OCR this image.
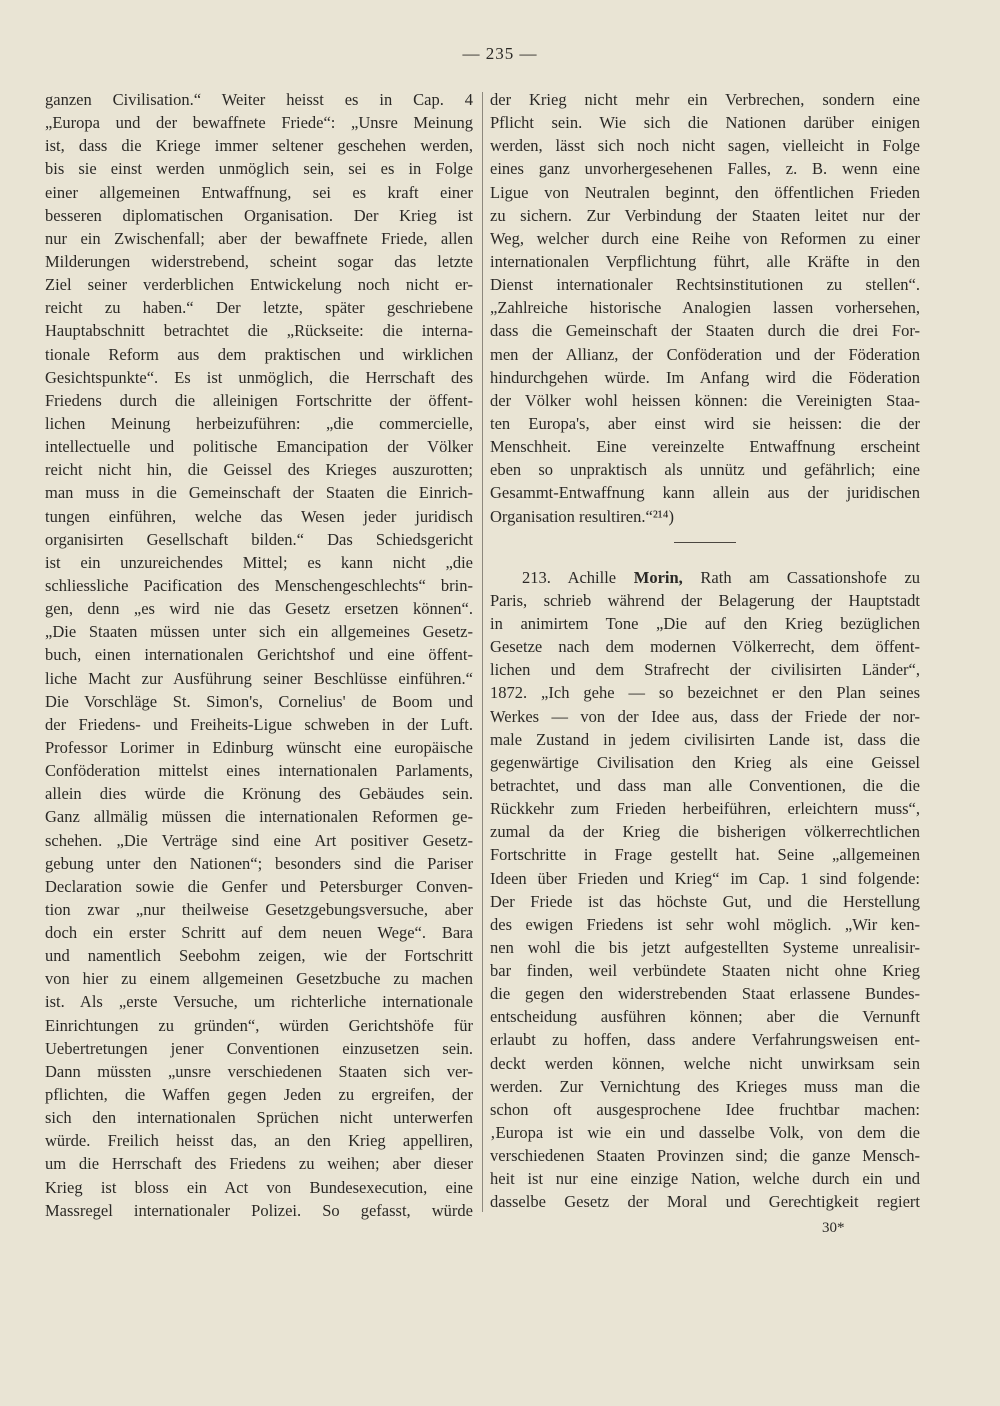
— 235 —
ganzen Civilisation.“ Weiter heisst es in Cap. 4
„Europa und der bewaffnete Friede“: „Unsre Meinung
ist, dass die Kriege immer seltener geschehen werden,
bis sie einst werden unmöglich sein, sei es in Folge
einer allgemeinen Entwaffnung, sei es kraft einer
besseren diplomatischen Organisation. Der Krieg ist
nur ein Zwischenfall; aber der bewaffnete Friede, allen
Milderungen widerstrebend, scheint sogar das letzte
Ziel seiner verderblichen Entwickelung noch nicht er-
reicht zu haben.“ Der letzte, später geschriebene
Hauptabschnitt betrachtet die „Rückseite: die interna-
tionale Reform aus dem praktischen und wirklichen
Gesichtspunkte“. Es ist unmöglich, die Herrschaft des
Friedens durch die alleinigen Fortschritte der öffent-
lichen Meinung herbeizuführen: „die commercielle,
intellectuelle und politische Emancipation der Völker
reicht nicht hin, die Geissel des Krieges auszurotten;
man muss in die Gemeinschaft der Staaten die Einrich-
tungen einführen, welche das Wesen jeder juridisch
organisirten Gesellschaft bilden.“ Das Schiedsgericht
ist ein unzureichendes Mittel; es kann nicht „die
schliessliche Pacification des Menschengeschlechts“ brin-
gen, denn „es wird nie das Gesetz ersetzen können“.
„Die Staaten müssen unter sich ein allgemeines Gesetz-
buch, einen internationalen Gerichtshof und eine öffent-
liche Macht zur Ausführung seiner Beschlüsse einführen.“
Die Vorschläge St. Simon's, Cornelius' de Boom und
der Friedens- und Freiheits-Ligue schweben in der Luft.
Professor Lorimer in Edinburg wünscht eine europäische
Conföderation mittelst eines internationalen Parlaments,
allein dies würde die Krönung des Gebäudes sein.
Ganz allmälig müssen die internationalen Reformen ge-
schehen. „Die Verträge sind eine Art positiver Gesetz-
gebung unter den Nationen“; besonders sind die Pariser
Declaration sowie die Genfer und Petersburger Conven-
tion zwar „nur theilweise Gesetzgebungsversuche, aber
doch ein erster Schritt auf dem neuen Wege“. Bara
und namentlich Seebohm zeigen, wie der Fortschritt
von hier zu einem allgemeinen Gesetzbuche zu machen
ist. Als „erste Versuche, um richterliche internationale
Einrichtungen zu gründen“, würden Gerichtshöfe für
Uebertretungen jener Conventionen einzusetzen sein.
Dann müssten „unsre verschiedenen Staaten sich ver-
pflichten, die Waffen gegen Jeden zu ergreifen, der
sich den internationalen Sprüchen nicht unterwerfen
würde. Freilich heisst das, an den Krieg appelliren,
um die Herrschaft des Friedens zu weihen; aber dieser
Krieg ist bloss ein Act von Bundesexecution, eine
Massregel internationaler Polizei. So gefasst, würde
der Krieg nicht mehr ein Verbrechen, sondern eine
Pflicht sein. Wie sich die Nationen darüber einigen
werden, lässt sich noch nicht sagen, vielleicht in Folge
eines ganz unvorhergesehenen Falles, z. B. wenn eine
Ligue von Neutralen beginnt, den öffentlichen Frieden
zu sichern. Zur Verbindung der Staaten leitet nur der
Weg, welcher durch eine Reihe von Reformen zu einer
internationalen Verpflichtung führt, alle Kräfte in den
Dienst internationaler Rechtsinstitutionen zu stellen“.
„Zahlreiche historische Analogien lassen vorhersehen,
dass die Gemeinschaft der Staaten durch die drei For-
men der Allianz, der Conföderation und der Föderation
hindurchgehen würde. Im Anfang wird die Föderation
der Völker wohl heissen können: die Vereinigten Staa-
ten Europa's, aber einst wird sie heissen: die der
Menschheit. Eine vereinzelte Entwaffnung erscheint
eben so unpraktisch als unnütz und gefährlich; eine
Gesammt-Entwaffnung kann allein aus der juridischen
Organisation resultiren.“²¹⁴)
213. Achille Morin, Rath am Cassationshofe zu
Paris, schrieb während der Belagerung der Hauptstadt
in animirtem Tone „Die auf den Krieg bezüglichen
Gesetze nach dem modernen Völkerrecht, dem öffent-
lichen und dem Strafrecht der civilisirten Länder“,
1872. „Ich gehe — so bezeichnet er den Plan seines
Werkes — von der Idee aus, dass der Friede der nor-
male Zustand in jedem civilisirten Lande ist, dass die
gegenwärtige Civilisation den Krieg als eine Geissel
betrachtet, und dass man alle Conventionen, die die
Rückkehr zum Frieden herbeiführen, erleichtern muss“,
zumal da der Krieg die bisherigen völkerrechtlichen
Fortschritte in Frage gestellt hat. Seine „allgemeinen
Ideen über Frieden und Krieg“ im Cap. 1 sind folgende:
Der Friede ist das höchste Gut, und die Herstellung
des ewigen Friedens ist sehr wohl möglich. „Wir ken-
nen wohl die bis jetzt aufgestellten Systeme unrealisir-
bar finden, weil verbündete Staaten nicht ohne Krieg
die gegen den widerstrebenden Staat erlassene Bundes-
entscheidung ausführen können; aber die Vernunft
erlaubt zu hoffen, dass andere Verfahrungsweisen ent-
deckt werden können, welche nicht unwirksam sein
werden. Zur Vernichtung des Krieges muss man die
schon oft ausgesprochene Idee fruchtbar machen:
‚Europa ist wie ein und dasselbe Volk, von dem die
verschiedenen Staaten Provinzen sind; die ganze Mensch-
heit ist nur eine einzige Nation, welche durch ein und
dasselbe Gesetz der Moral und Gerechtigkeit regiert
30*
